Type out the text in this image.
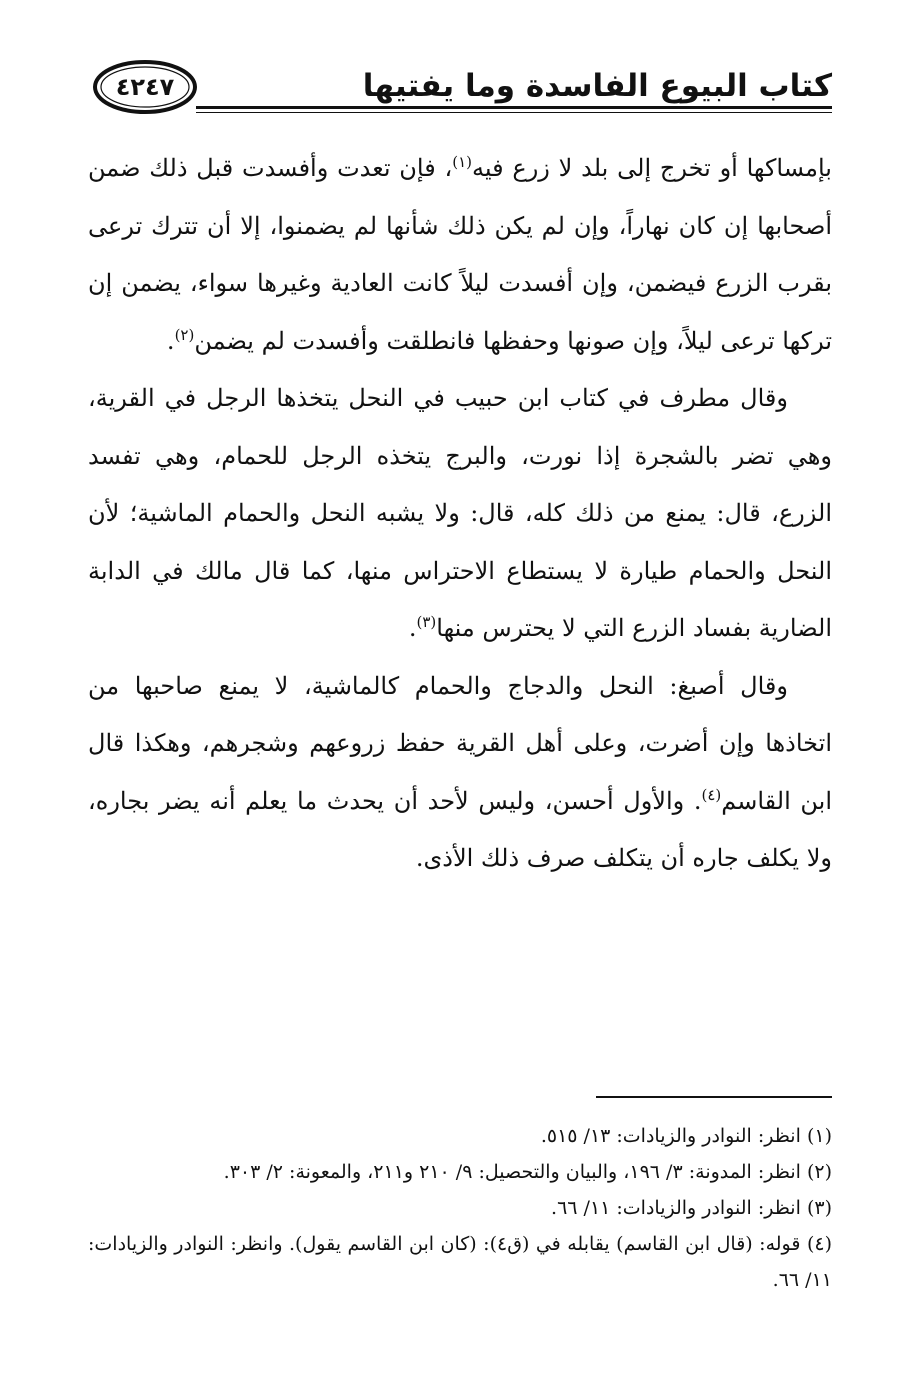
كتاب البيوع الفاسدة وما يفتيها
٤٢٤٧

بإمساكها أو تخرج إلى بلد لا زرع فيه$^{(١)}$، فإن تعدت وأفسدت قبل ذلك ضمن أصحابها إن كان نهاراً، وإن لم يكن ذلك شأنها لم يضمنوا، إلا أن تترك ترعى بقرب الزرع فيضمن، وإن أفسدت ليلاً كانت العادية وغيرها سواء، يضمن إن تركها ترعى ليلاً، وإن صونها وحفظها فانطلقت وأفسدت لم يضمن$^{(٢)}$.

وقال مطرف في كتاب ابن حبيب في النحل يتخذها الرجل في القرية، وهي تضر بالشجرة إذا نورت، والبرج يتخذه الرجل للحمام، وهي تفسد الزرع، قال: يمنع من ذلك كله، قال: ولا يشبه النحل والحمام الماشية؛ لأن النحل والحمام طيارة لا يستطاع الاحتراس منها، كما قال مالك في الدابة الضارية بفساد الزرع التي لا يحترس منها$^{(٣)}$.

وقال أصبغ: النحل والدجاج والحمام كالماشية، لا يمنع صاحبها من اتخاذها وإن أضرت، وعلى أهل القرية حفظ زروعهم وشجرهم، وهكذا قال ابن القاسم$^{(٤)}$. والأول أحسن، وليس لأحد أن يحدث ما يعلم أنه يضر بجاره، ولا يكلف جاره أن يتكلف صرف ذلك الأذى.

(١) انظر: النوادر والزيادات: ١٣/ ٥١٥.

(٢) انظر: المدونة: ٣/ ١٩٦، والبيان والتحصيل: ٩/ ٢١٠ و٢١١، والمعونة: ٢/ ٣٠٣.

(٣) انظر: النوادر والزيادات: ١١/ ٦٦.

(٤) قوله: (قال ابن القاسم) يقابله في (ق٤): (كان ابن القاسم يقول). وانظر: النوادر والزيادات: ١١/ ٦٦.
